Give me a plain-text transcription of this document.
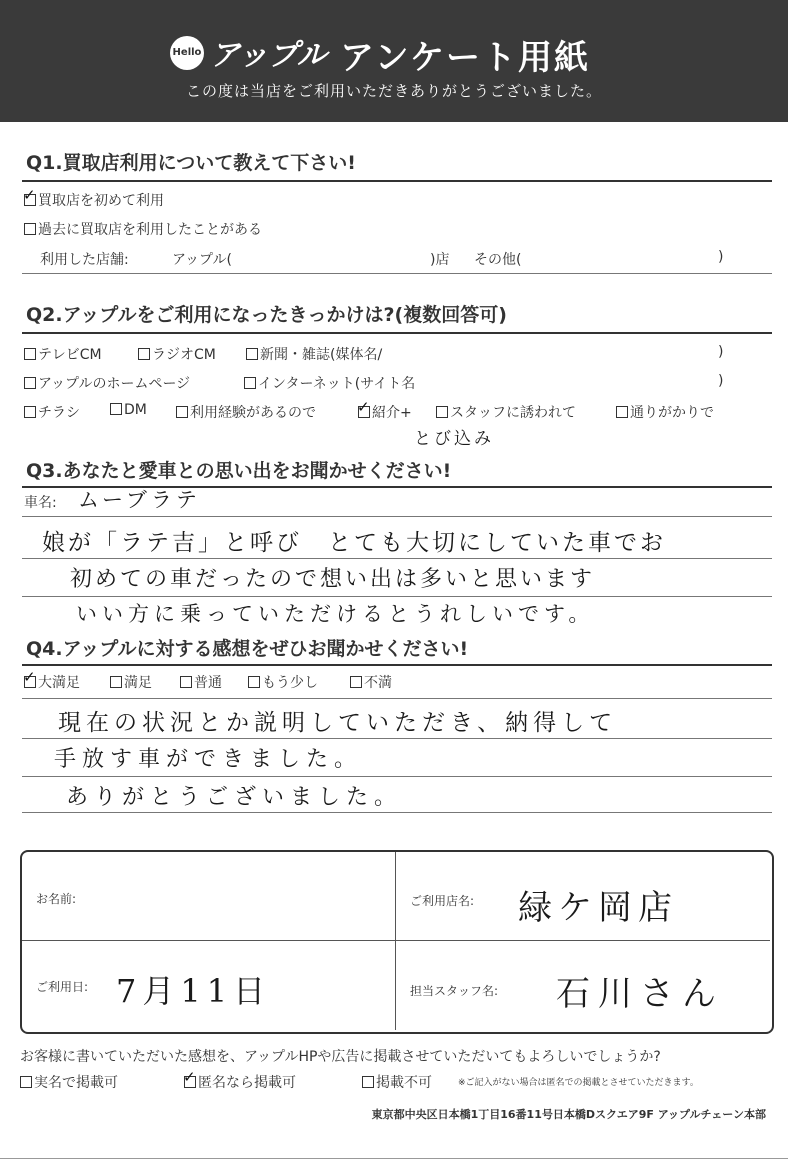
Hello アップル アンケート用紙
この度は当店をご利用いただきありがとうございました。
Q1.買取店利用について教えて下さい!
✓買取店を初めて利用
過去に買取店を利用したことがある
利用した店舗:	アップル(	)店 その他(	)
Q2.アップルをご利用になったきっかけは?(複数回答可)
テレビCM	ラジオCM	新聞・雑誌(媒体名/	)
アップルのホームページ	インターネット(サイト名	)
チラシ	DM	利用経験があるので ✓	紹介+	スタッフに誘われて	通りがかりで
とび込み
Q3.あなたと愛車との思い出をお聞かせください!
車名: ムーブラテ
娘が「ラテ吉」と呼び　とても大切にしていた車でお
初めての車だったので想い出は多いと思います
いい方に乗っていただけるとうれしいです。
Q4.アップルに対する感想をぜひお聞かせください!
✓大満足	満足	普通	もう少し	不満
現在の状況とか説明していただき、納得して
手放す車ができました。
ありがとうございました。
お名前:	ご利用店名: 緑ケ岡店
ご利用日: 7月11日	担当スタッフ名: 石川さん
お客様に書いていただいた感想を、アップルHPや広告に掲載させていただいてもよろしいでしょうか?
実名で掲載可 ✓	匿名なら掲載可	掲載不可	※ご記入がない場合は匿名での掲載とさせていただきます。
東京都中央区日本橋1丁目16番11号日本橋Dスクエア9F アップルチェーン本部
